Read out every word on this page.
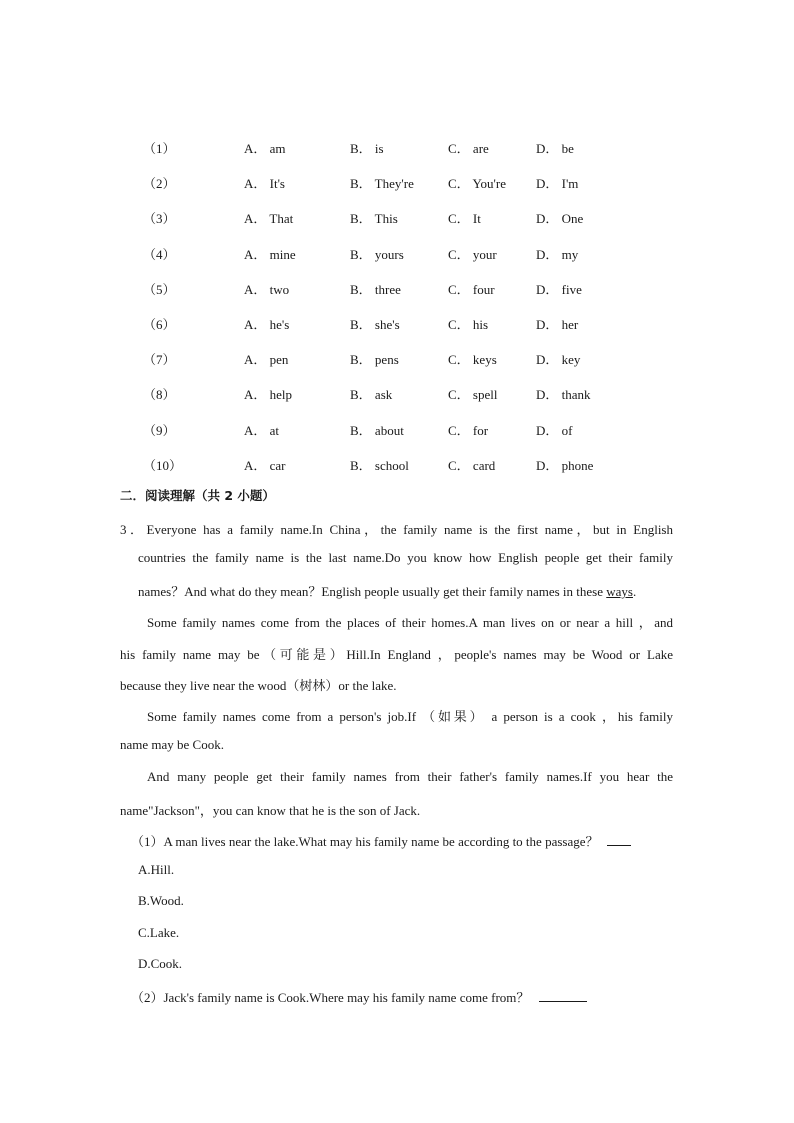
（1）	A． am	B． is	C． are	D． be
（2）	A． It's	B． They're	C． You're D． I'm
（3）	A． That	B． This	C． It	D． One
（4）	A． mine	B． yours	C． your	D． my
（5）	A． two	B． three	C． four	D． five
（6）	A． he's	B． she's	C． his	D． her
（7）	A． pen	B． pens	C． keys	D． key
（8）	A． help	B． ask	C． spell	D． thank
（9）	A． at	B． about	C． for	D． of
（10）	A． car	B． school	C． card	D． phone
二．阅读理解（共 2 小题）
3．Everyone has a family name.In China，the family name is the first name，but in English
countries the family name is the last name.Do you know how English people get their family
names？And what do they mean？English people usually get their family names in these ways.
Some family names come from the places of their homes.A man lives on or near a hill ，and
his family name may be（可能是）Hill.In England ，people's names may be Wood or Lake
because they live near the wood（树林）or the lake.
Some family names come from a person's job.If （如果） a person is a cook ，his family
name may be Cook.
And many people get their family names from their father's family names.If you hear the
name"Jackson"，you can know that he is the son of Jack.
（1）A man lives near the lake.What may his family name be according to the passage？
A.Hill.
B.Wood.
C.Lake.
D.Cook.
（2）Jack's family name is Cook.Where may his family name come from？
